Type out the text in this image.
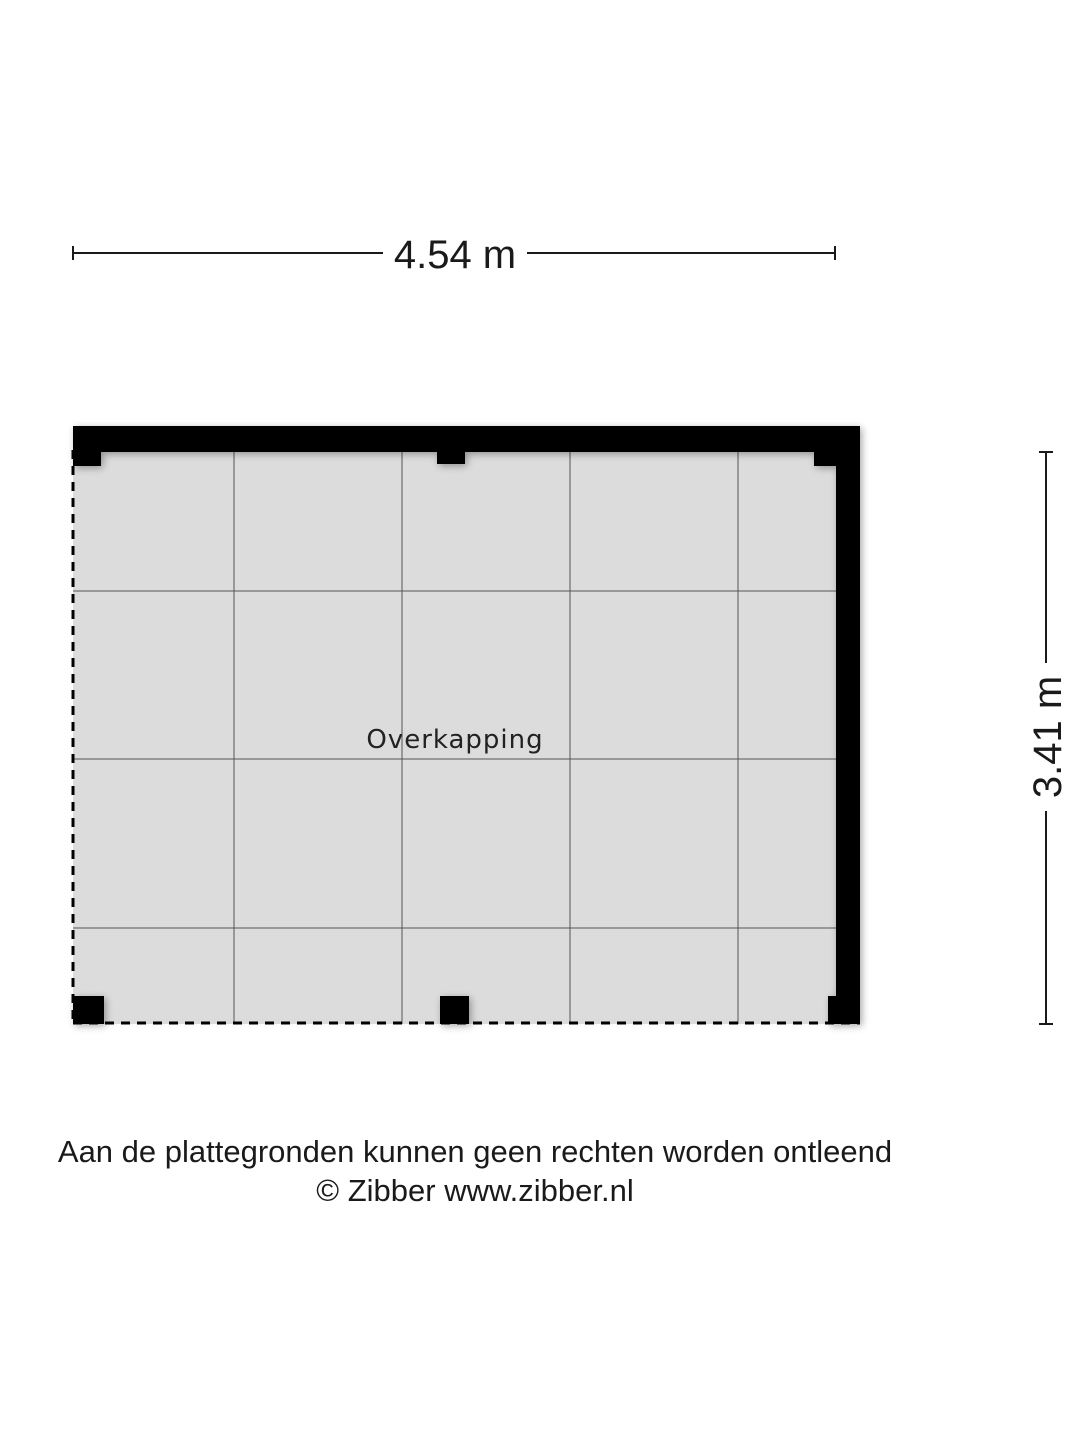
4.54 m
3.41 m
Overkapping
Aan de plattegronden kunnen geen rechten worden ontleend
© Zibber www.zibber.nl
